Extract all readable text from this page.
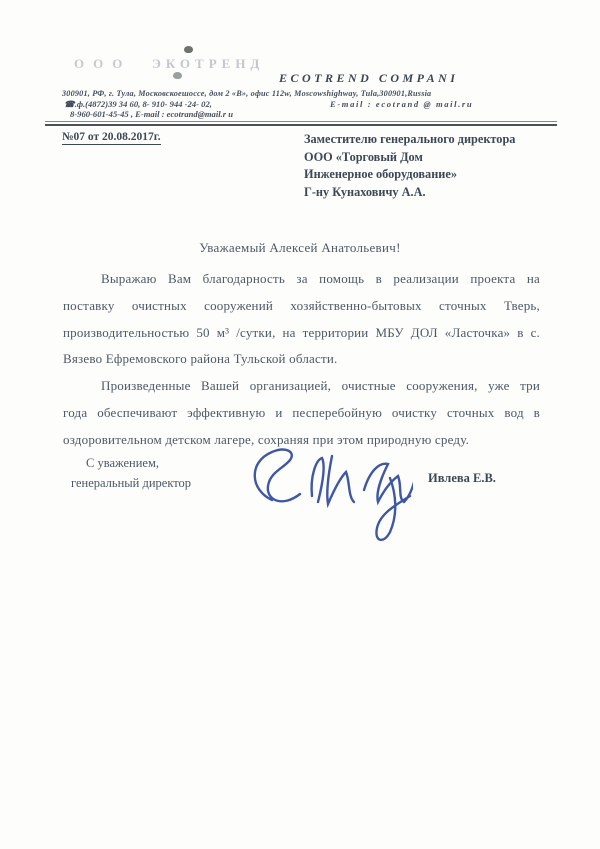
ООО ЭКОТРЕНД
ECOTREND COMPANI
300901, РФ, г. Тула, Московскоешоссе, дом 2 «В», офис 112w, Moscowshighway, Tula,300901,Russia
☎.ф.(4872)39 34 60, 8- 910- 944 -24- 02,	E-mail : ecotrand @ mail.ru
8-960-601-45-45 , E-mail : ecotrand@mail.r u
№07 от 20.08.2017г.	Заместителю генерального директора
ООО «Торговый Дом
Инженерное оборудование»
Г-ну Кунаховичу А.А.
Уважаемый Алексей Анатольевич!
Выражаю Вам благодарность за помощь в реализации проекта на
поставку очистных сооружений хозяйственно-бытовых сточных Тверь,
производительностью 50 м³ /сутки, на территории МБУ ДОЛ «Ласточка» в с.
Вязево Ефремовского района Тульской области.
Произведенные Вашей организацией, очистные сооружения, уже три
года обеспечивают эффективную и песперебойную очистку сточных вод в
оздоровительном детском лагере, сохраняя при этом природную среду.
С уважением,
генеральный директор	Ивлева Е.В.
